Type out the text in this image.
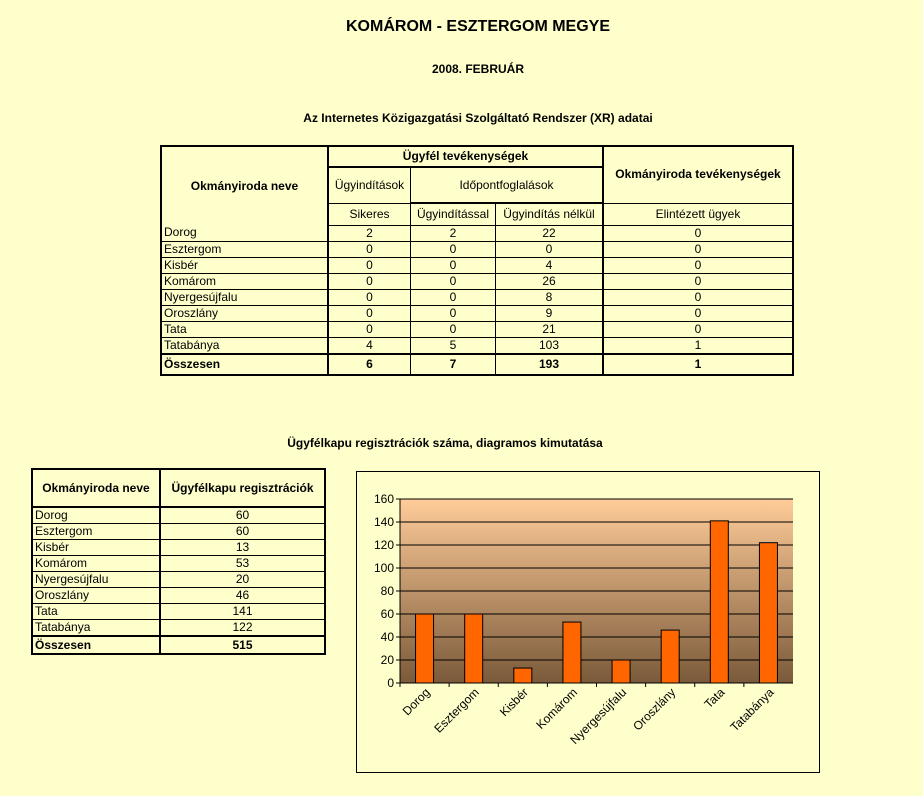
KOMÁROM - ESZTERGOM MEGYE
2008. FEBRUÁR
Az Internetes Közigazgatási Szolgáltató Rendszer (XR) adatai
Okmányiroda neve	Ügyfél tevékenységek			Okmányiroda tevékenységek
	Ügyindítások	Időpontfoglalások		
	Sikeres	Ügyindítással	Ügyindítás nélkül	Elintézett ügyek
Dorog	2	2	22	0
Esztergom	0	0	0	0
Kisbér	0	0	4	0
Komárom	0	0	26	0
Nyergesújfalu	0	0	8	0
Oroszlány	0	0	9	0
Tata	0	0	21	0
Tatabánya	4	5	103	1
Összesen	6	7	193	1
Ügyfélkapu regisztrációk száma, diagramos kimutatása
Okmányiroda neve	Ügyfélkapu regisztrációk
Dorog	60
Esztergom	60
Kisbér	13
Komárom	53
Nyergesújfalu	20
Oroszlány	46
Tata	141
Tatabánya	122
Összesen	515
0
20
40
60
80
100
120
140
160
Dorog
Esztergom Kisbér Komárom
Nyergesújfalu Oroszlány Tata Tatabánya
